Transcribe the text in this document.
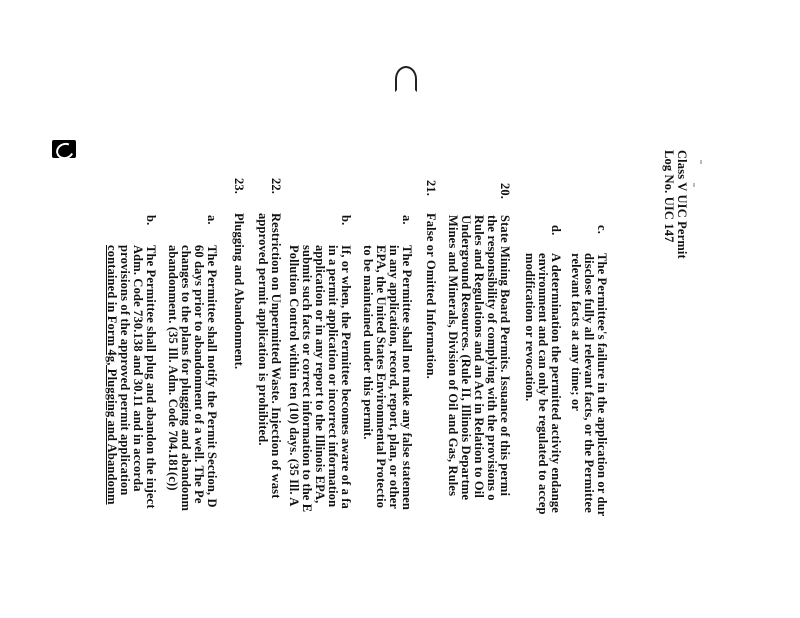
Class V UIC Permit
Log No. UIC 147
c.
The Permittee's failure in the application or dur
disclose fully all relevant facts, or the Permittee
relevant facts at any time; or
d.
A determination the permitted activity endange
environment and can only be regulated to accep
modification or revocation.
20.
State Mining Board Permits. Issuance of this permi
the responsibility of complying with the provisions o
Rules and Regulations and an Act in Relation to Oil
Underground Resources. (Rule II, Illinois Departme
Mines and Minerals, Division of Oil and Gas, Rules
21.
False or Omitted Information.
a.
The Permittee shall not make any false statemen
in any application, record, report, plan, or other
EPA, the United States Environmental Protectio
to be maintained under this permit.
b.
If, or when, the Permittee becomes aware of a fa
in a permit application or incorrect information
application or in any report to the Illinois EPA,
submit such facts or correct information to the E
Pollution Control within ten (10) days. (35 Ill. A
22.
Restriction on Unpermitted Waste. Injection of wast
approved permit application is prohibited.
23.
Plugging and Abandonment.
a.
The Permittee shall notify the Permit Section, D
60 days prior to abandonment of a well. The Pe
changes to the plans for plugging and abandonm
abandonment. (35 Ill. Adm. Code 704.181(c))
b.
The Permittee shall plug and abandon the inject
Adm. Code 730.138 and 30.11 and in accorda
provisions of the approved permit application
contained in Form 4g, Plugging and Abandonm
